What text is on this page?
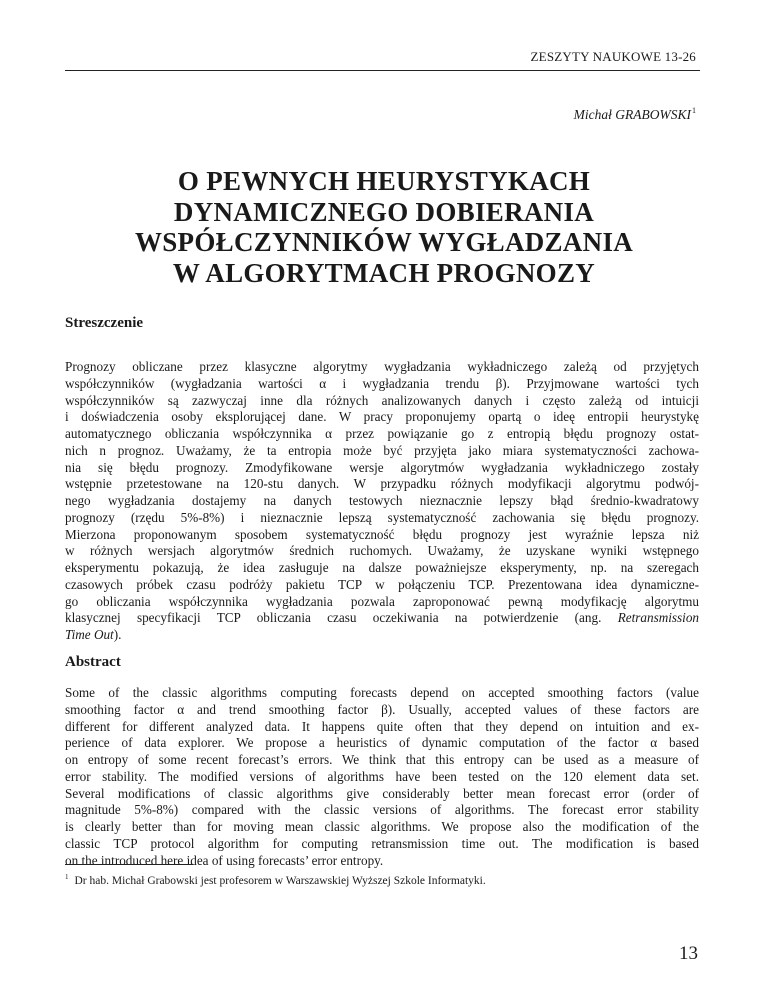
ZESZYTY NAUKOWE 13-26
Michał GRABOWSKI$^1$
O PEWNYCH HEURYSTYKACH
DYNAMICZNEGO DOBIERANIA
WSPÓŁCZYNNIKÓW WYGŁADZANIA
W ALGORYTMACH PROGNOZY
Streszczenie
Prognozy obliczane przez klasyczne algorytmy wygładzania wykładniczego zależą od przyjętych
współczynników (wygładzania wartości α i wygładzania trendu β). Przyjmowane wartości tych
współczynników są zazwyczaj inne dla różnych analizowanych danych i często zależą od intuicji
i doświadczenia osoby eksplorującej dane. W pracy proponujemy opartą o ideę entropii heurystykę
automatycznego obliczania współczynnika α przez powiązanie go z entropią błędu prognozy ostat-
nich n prognoz. Uważamy, że ta entropia może być przyjęta jako miara systematyczności zachowa-
nia się błędu prognozy. Zmodyfikowane wersje algorytmów wygładzania wykładniczego zostały
wstępnie przetestowane na 120-stu danych. W przypadku różnych modyfikacji algorytmu podwój-
nego wygładzania dostajemy na danych testowych nieznacznie lepszy błąd średnio-kwadratowy
prognozy (rzędu 5%-8%) i nieznacznie lepszą systematyczność zachowania się błędu prognozy.
Mierzona proponowanym sposobem systematyczność błędu prognozy jest wyraźnie lepsza niż
w różnych wersjach algorytmów średnich ruchomych. Uważamy, że uzyskane wyniki wstępnego
eksperymentu pokazują, że idea zasługuje na dalsze poważniejsze eksperymenty, np. na szeregach
czasowych próbek czasu podróży pakietu TCP w połączeniu TCP. Prezentowana idea dynamiczne-
go obliczania współczynnika wygładzania pozwala zaproponować pewną modyfikację algorytmu
klasycznej specyfikacji TCP obliczania czasu oczekiwania na potwierdzenie (ang. Retransmission
Time Out).
Abstract
Some of the classic algorithms computing forecasts depend on accepted smoothing factors (value
smoothing factor α and trend smoothing factor β). Usually, accepted values of these factors are
different for different analyzed data. It happens quite often that they depend on intuition and ex-
perience of data explorer. We propose a heuristics of dynamic computation of the factor α based
on entropy of some recent forecast’s errors. We think that this entropy can be used as a measure of
error stability. The modified versions of algorithms have been tested on the 120 element data set.
Several modifications of classic algorithms give considerably better mean forecast error (order of
magnitude 5%-8%) compared with the classic versions of algorithms. The forecast error stability
is clearly better than for moving mean classic algorithms. We propose also the modification of the
classic TCP protocol algorithm for computing retransmission time out. The modification is based
on the introduced here idea of using forecasts’ error entropy.
$^1$ Dr hab. Michał Grabowski jest profesorem w Warszawskiej Wyższej Szkole Informatyki.
13
